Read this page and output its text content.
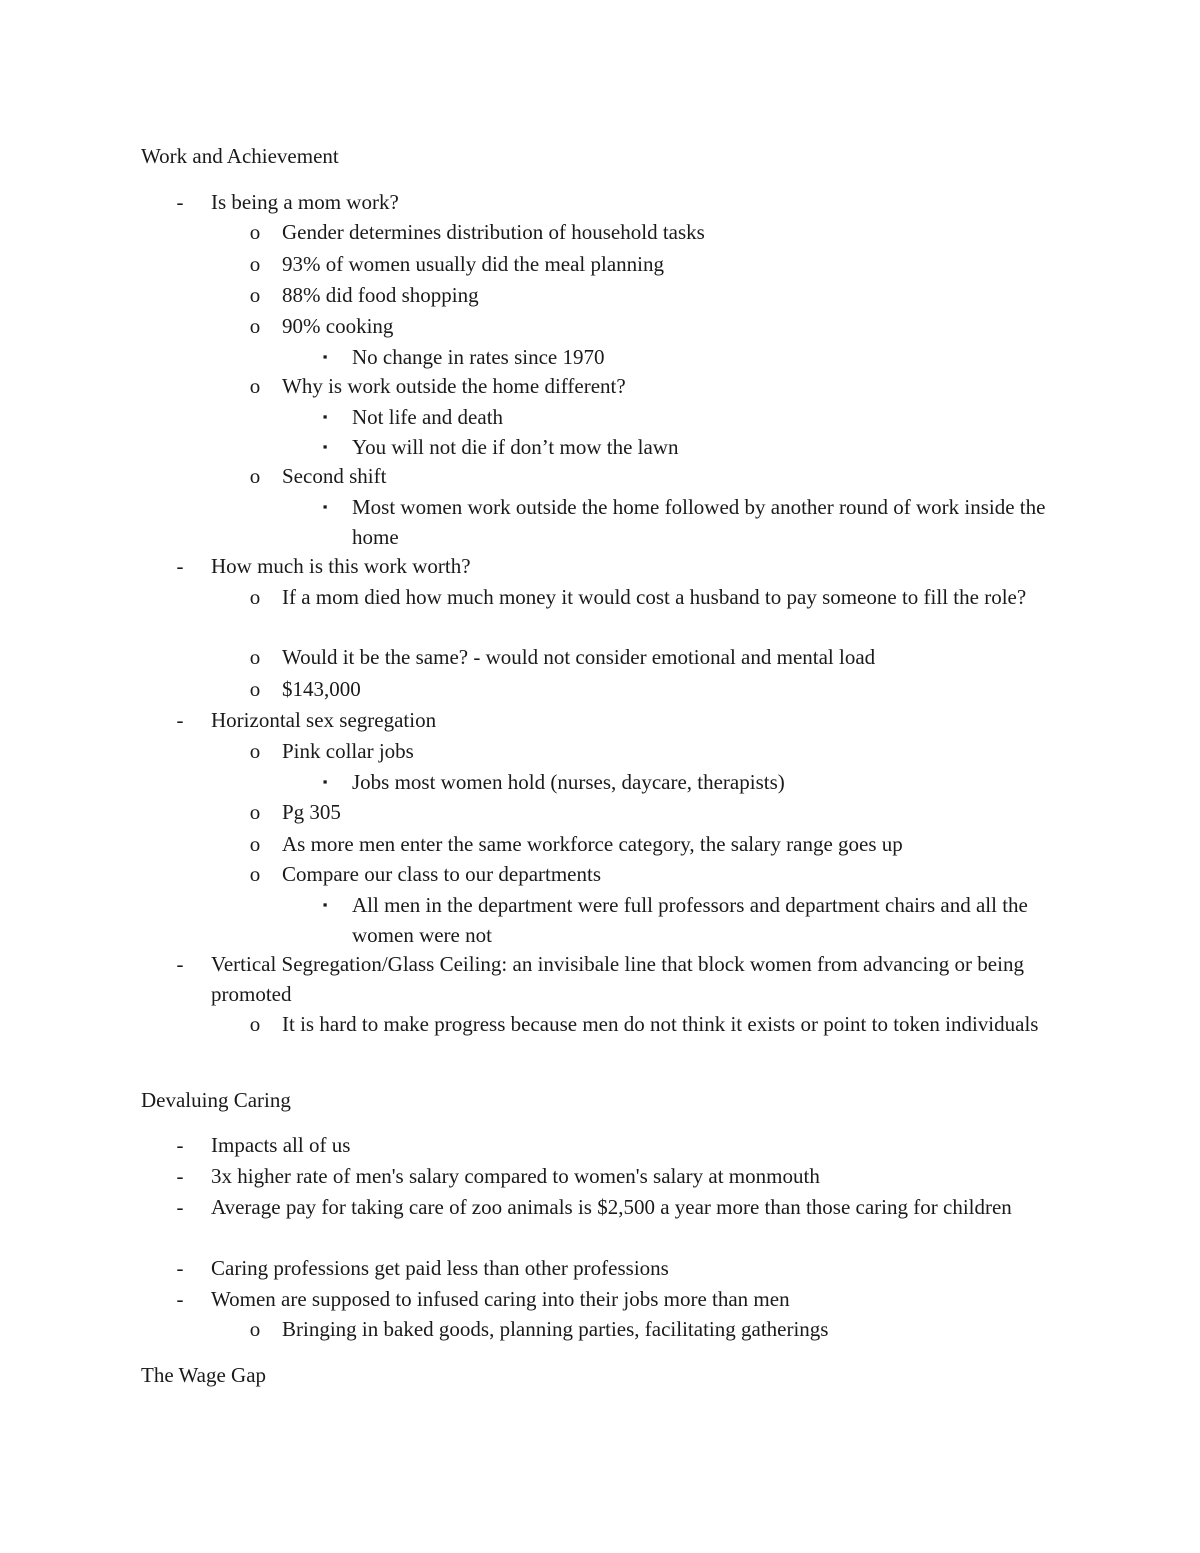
Work and Achievement
- Is being a mom work?
o Gender determines distribution of household tasks
o 93% of women usually did the meal planning
o 88% did food shopping
o 90% cooking
▪ No change in rates since 1970
o Why is work outside the home different?
▪ Not life and death
▪ You will not die if don’t mow the lawn
o Second shift
▪ Most women work outside the home followed by another round of work inside the home
- How much is this work worth?
o If a mom died how much money it would cost a husband to pay someone to fill the role?
o Would it be the same? - would not consider emotional and mental load
o $143,000
- Horizontal sex segregation
o Pink collar jobs
▪ Jobs most women hold (nurses, daycare, therapists)
o Pg 305
o As more men enter the same workforce category, the salary range goes up
o Compare our class to our departments
▪ All men in the department were full professors and department chairs and all the women were not
- Vertical Segregation/Glass Ceiling: an invisibale line that block women from advancing or being promoted
o It is hard to make progress because men do not think it exists or point to token individuals
Devaluing Caring
- Impacts all of us
- 3x higher rate of men's salary compared to women's salary at monmouth
- Average pay for taking care of zoo animals is $2,500 a year more than those caring for children
- Caring professions get paid less than other professions
- Women are supposed to infused caring into their jobs more than men
o Bringing in baked goods, planning parties, facilitating gatherings
The Wage Gap
